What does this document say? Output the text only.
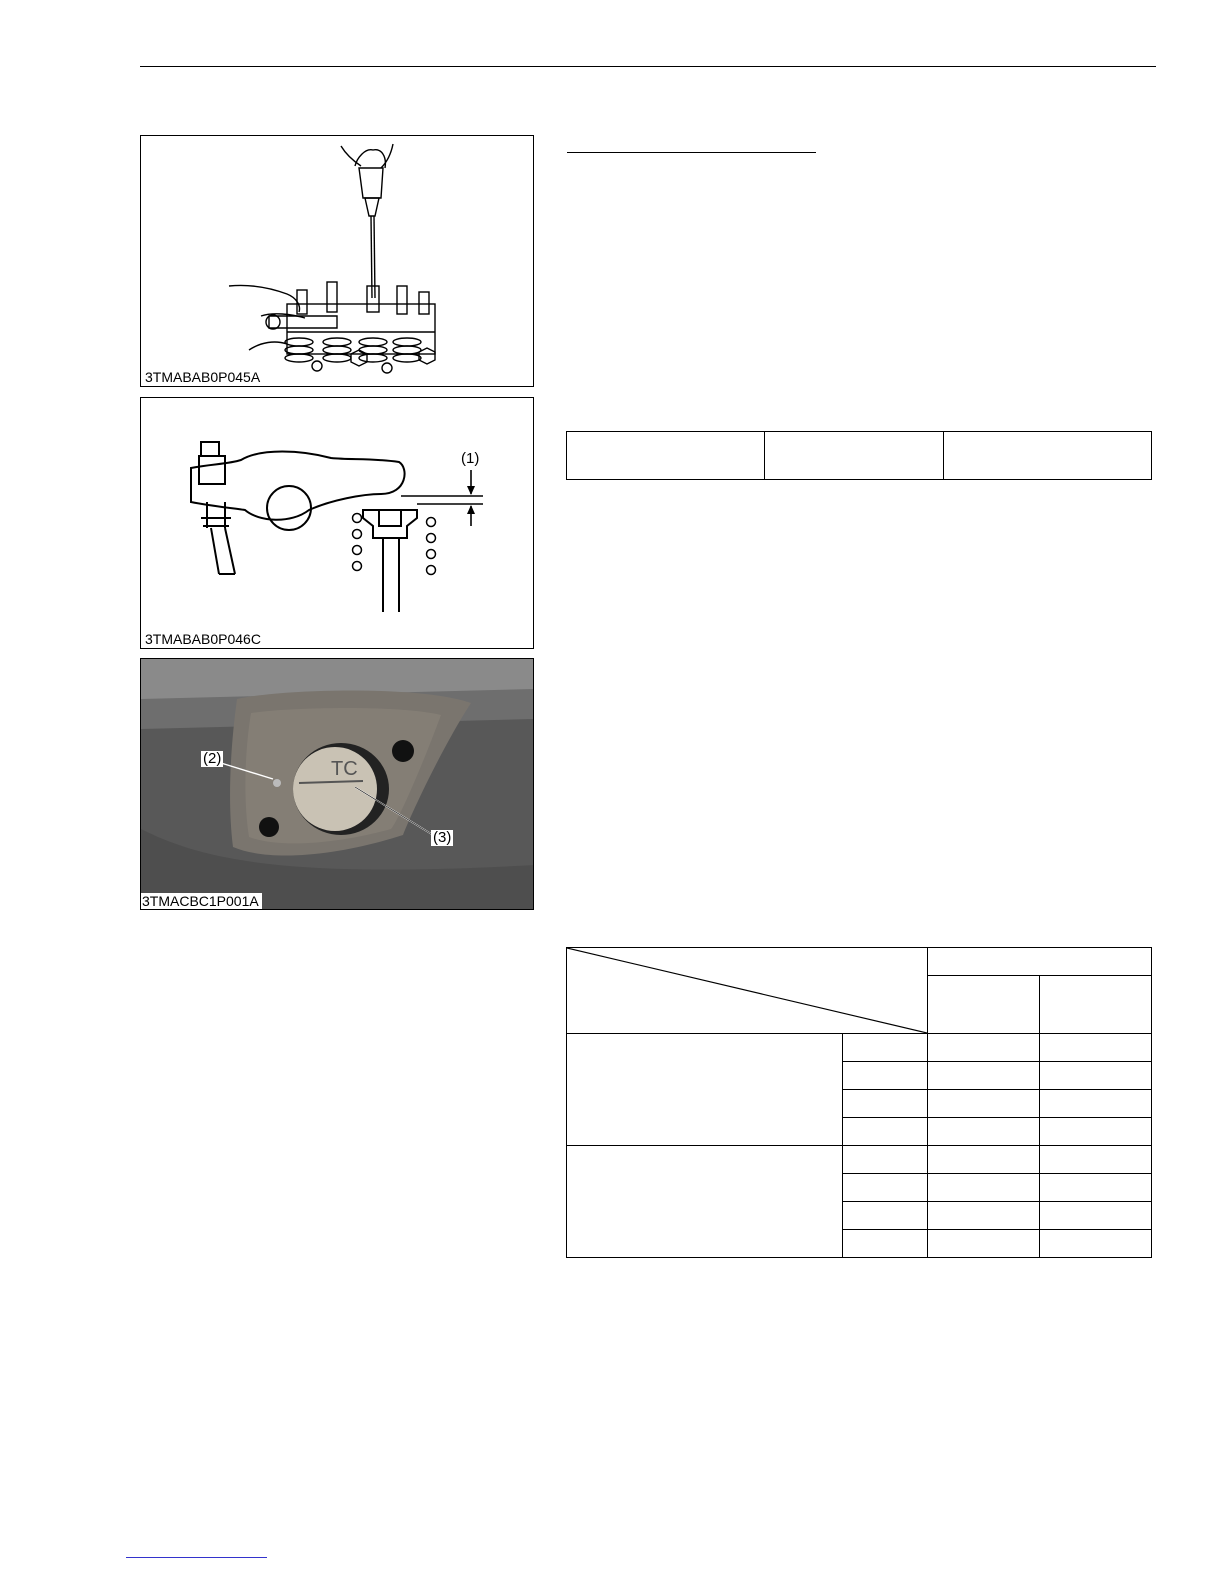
3TMABAB0P045A
(1)
3TMABAB0P046C
TC
(2)
(3)
3TMACBC1P001A
